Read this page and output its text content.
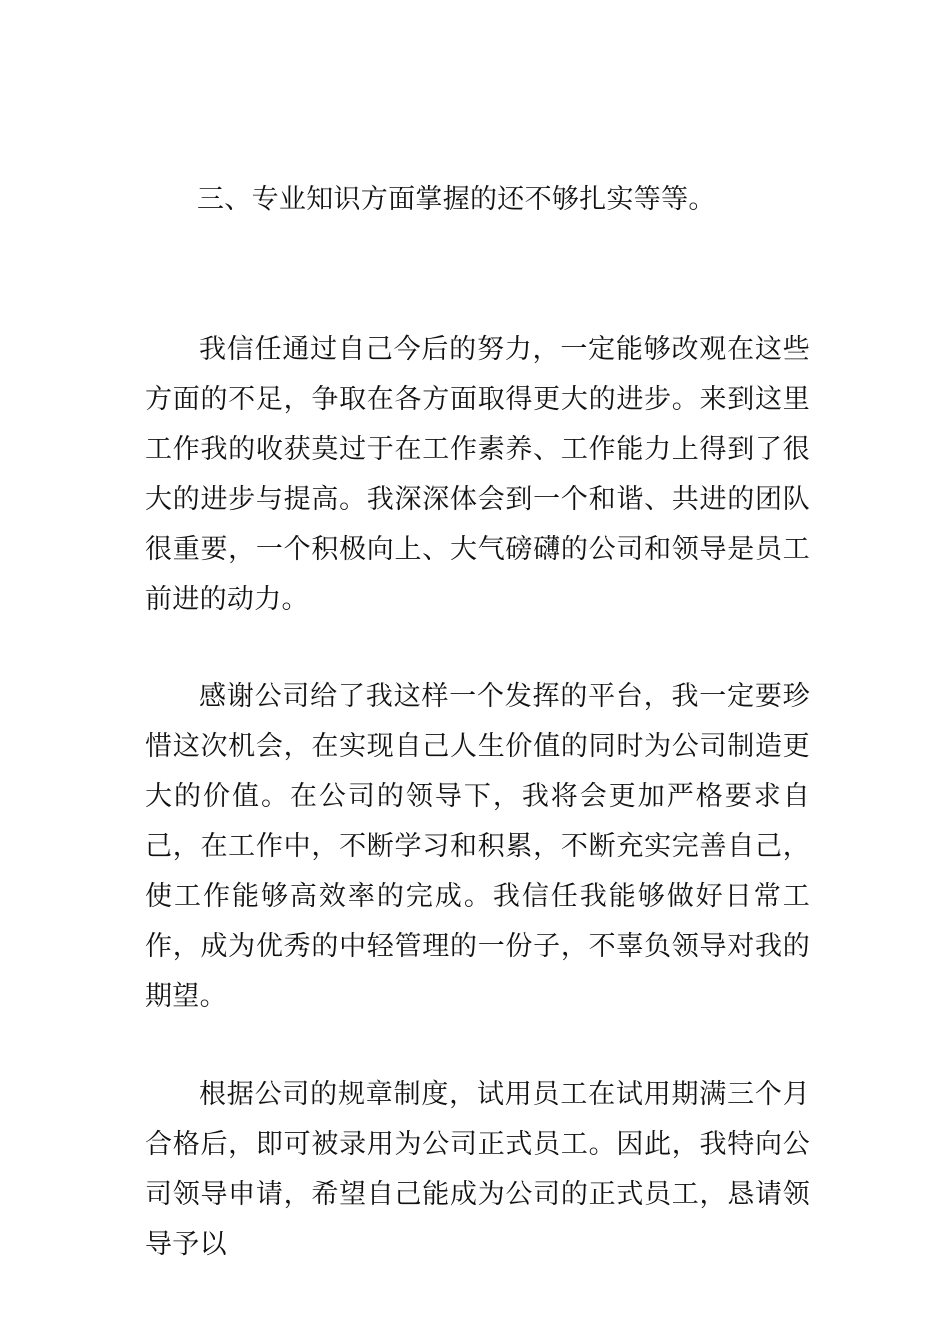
三、专业知识方面掌握的还不够扎实等等。

我信任通过自己今后的努力，一定能够改观在这些方面的不足，争取在各方面取得更大的进步。来到这里工作我的收获莫过于在工作素养、工作能力上得到了很大的进步与提高。我深深体会到一个和谐、共进的团队很重要，一个积极向上、大气磅礴的公司和领导是员工前进的动力。

感谢公司给了我这样一个发挥的平台，我一定要珍惜这次机会，在实现自己人生价值的同时为公司制造更大的价值。在公司的领导下，我将会更加严格要求自己，在工作中，不断学习和积累，不断充实完善自己，使工作能够高效率的完成。我信任我能够做好日常工作，成为优秀的中轻管理的一份子，不辜负领导对我的期望。

根据公司的规章制度，试用员工在试用期满三个月合格后，即可被录用为公司正式员工。因此，我特向公司领导申请，希望自己能成为公司的正式员工，恳请领导予以
